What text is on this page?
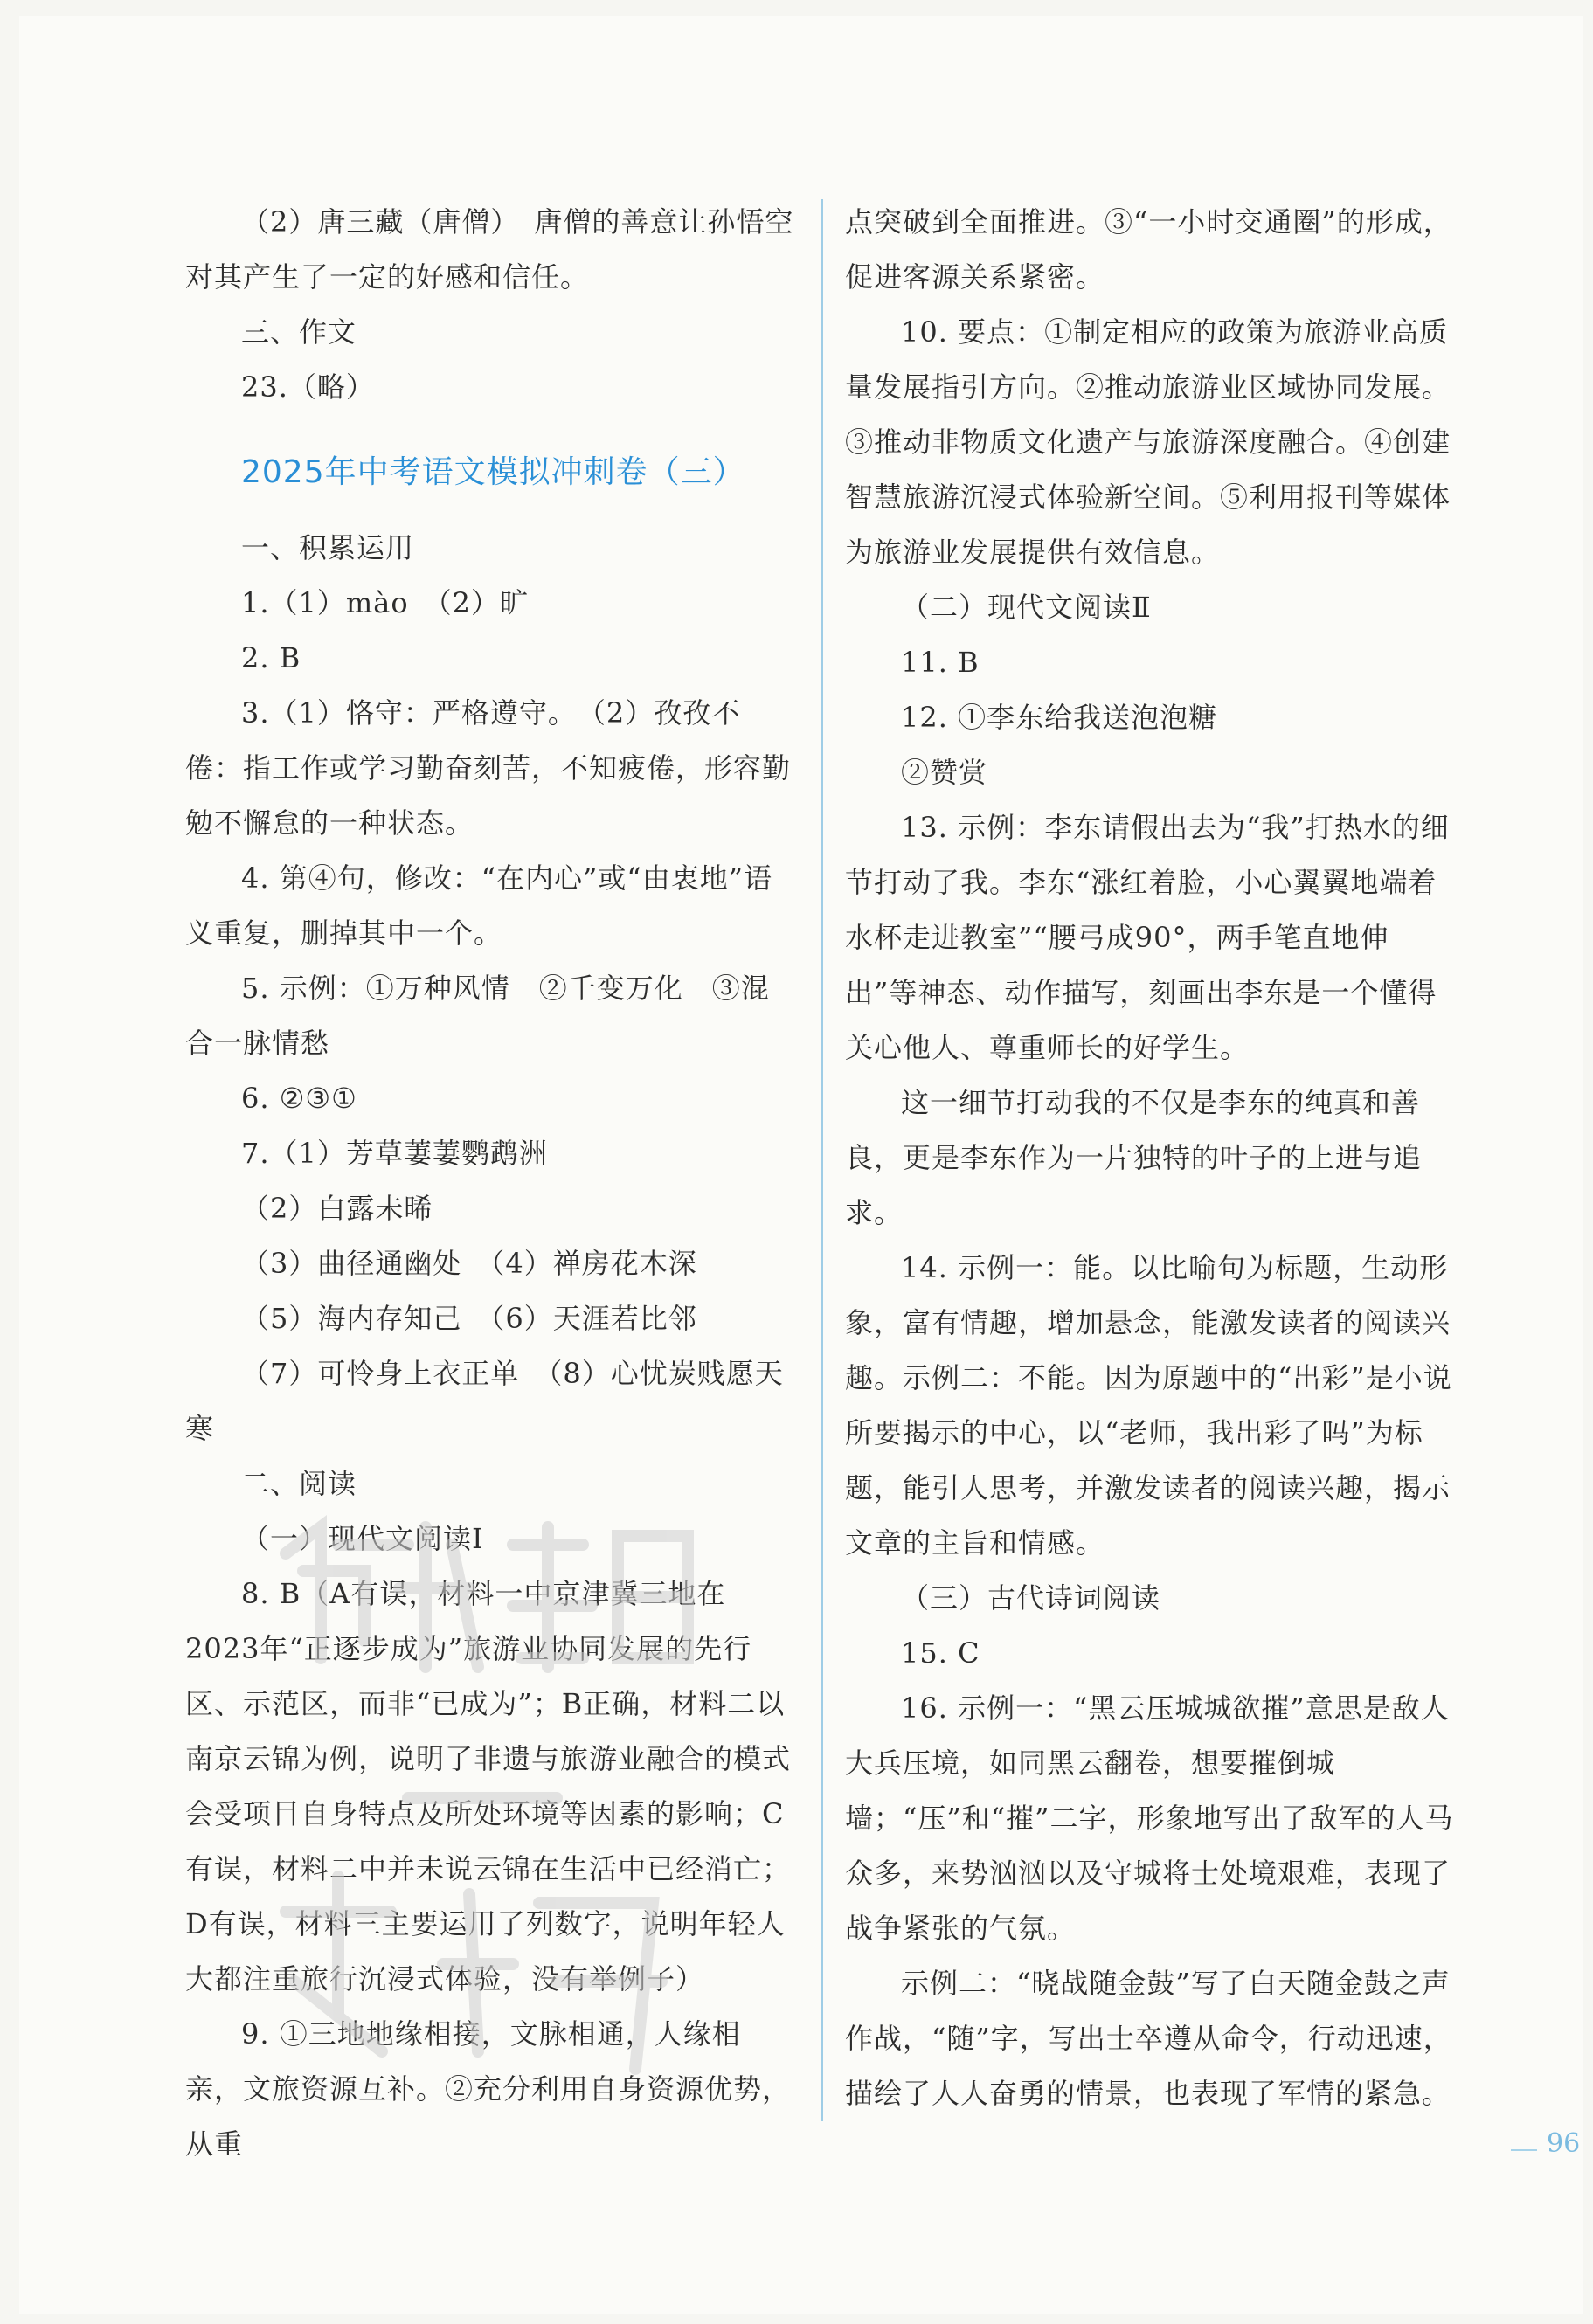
（2）唐三藏（唐僧）　唐僧的善意让孙悟空对其产生了一定的好感和信任。

三、作文

23.（略）

2025年中考语文模拟冲刺卷（三）

一、积累运用

1.（1）mào　（2）旷

2. B

3.（1）恪守：严格遵守。　（2）孜孜不倦：指工作或学习勤奋刻苦，不知疲倦，形容勤勉不懈怠的一种状态。

4. 第④句，修改：“在内心”或“由衷地”语义重复，删掉其中一个。

5. 示例：①万种风情　②千变万化　③混合一脉情愁

6. ②③①

7.（1）芳草萋萋鹦鹉洲

（2）白露未晞

（3）曲径通幽处　（4）禅房花木深

（5）海内存知己　（6）天涯若比邻

（7）可怜身上衣正单　（8）心忧炭贱愿天寒

二、阅读

（一）现代文阅读Ⅰ

8. B（A有误，材料一中京津冀三地在2023年“正逐步成为”旅游业协同发展的先行区、示范区，而非“已成为”；B正确，材料二以南京云锦为例，说明了非遗与旅游业融合的模式会受项目自身特点及所处环境等因素的影响；C有误，材料二中并未说云锦在生活中已经消亡；D有误，材料三主要运用了列数字，说明年轻人大都注重旅行沉浸式体验，没有举例子）

9. ①三地地缘相接，文脉相通，人缘相亲，文旅资源互补。②充分利用自身资源优势，从重

点突破到全面推进。③“一小时交通圈”的形成，促进客源关系紧密。

10. 要点：①制定相应的政策为旅游业高质量发展指引方向。②推动旅游业区域协同发展。③推动非物质文化遗产与旅游深度融合。④创建智慧旅游沉浸式体验新空间。⑤利用报刊等媒体为旅游业发展提供有效信息。

（二）现代文阅读Ⅱ

11. B

12. ①李东给我送泡泡糖

②赞赏

13. 示例：李东请假出去为“我”打热水的细节打动了我。李东“涨红着脸，小心翼翼地端着水杯走进教室”“腰弓成90°，两手笔直地伸出”等神态、动作描写，刻画出李东是一个懂得关心他人、尊重师长的好学生。

这一细节打动我的不仅是李东的纯真和善良，更是李东作为一片独特的叶子的上进与追求。

14. 示例一：能。以比喻句为标题，生动形象，富有情趣，增加悬念，能激发读者的阅读兴趣。示例二：不能。因为原题中的“出彩”是小说所要揭示的中心，以“老师，我出彩了吗”为标题，能引人思考，并激发读者的阅读兴趣，揭示文章的主旨和情感。

（三）古代诗词阅读

15. C

16. 示例一：“黑云压城城欲摧”意思是敌人大兵压境，如同黑云翻卷，想要摧倒城墙；“压”和“摧”二字，形象地写出了敌军的人马众多，来势汹汹以及守城将士处境艰难，表现了战争紧张的气氛。

示例二：“晓战随金鼓”写了白天随金鼓之声作战，“随”字，写出士卒遵从命令，行动迅速，描绘了人人奋勇的情景，也表现了军情的紧急。

96
